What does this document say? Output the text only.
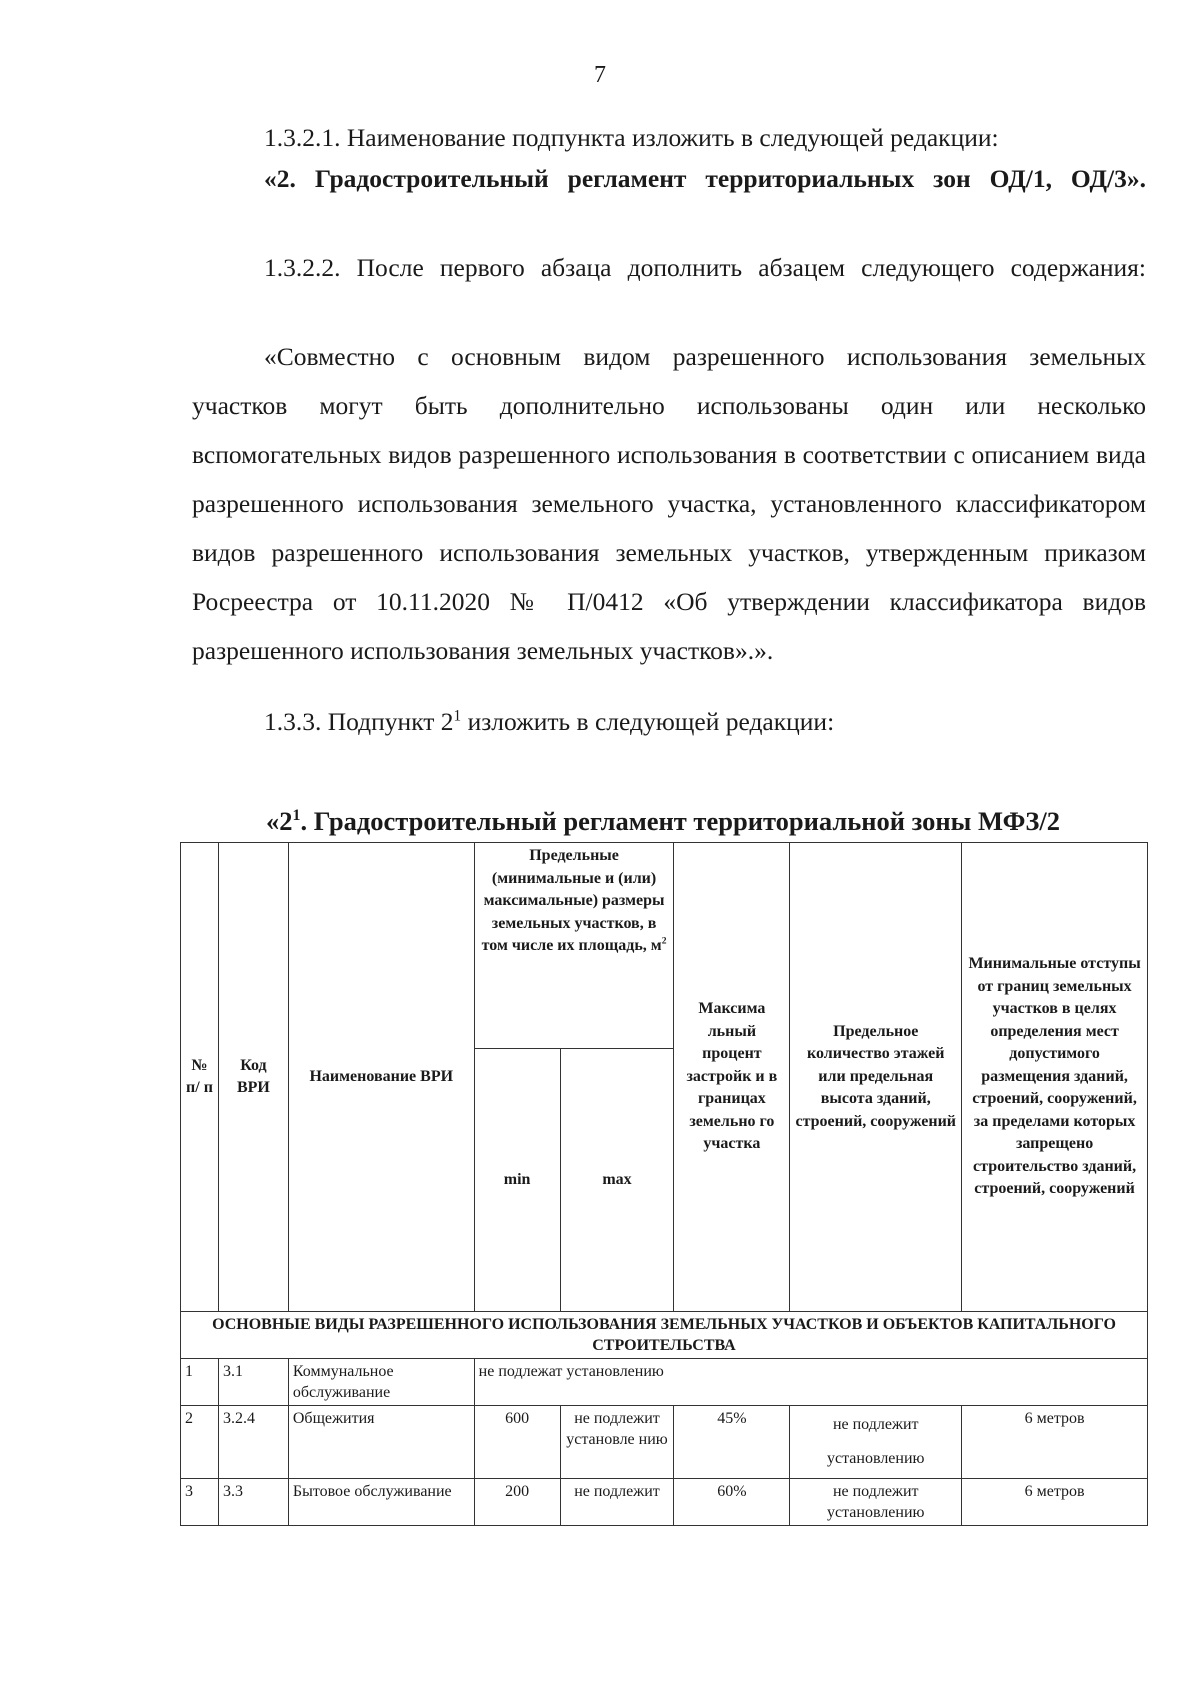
7
1.3.2.1. Наименование подпункта изложить в следующей редакции:
«2. Градостроительный регламент территориальных зон ОД/1, ОД/3».
1.3.2.2. После первого абзаца дополнить абзацем следующего содержания:
«Совместно с основным видом разрешенного использования земельных участков могут быть дополнительно использованы один или несколько вспомогательных видов разрешенного использования в соответствии с описанием вида разрешенного использования земельного участка, установленного классификатором видов разрешенного использования земельных участков, утвержденным приказом Росреестра от 10.11.2020 № П/0412 «Об утверждении классификатора видов разрешенного использования земельных участков».».
1.3.3. Подпункт $2^1$ изложить в следующей редакции:
«$2^1$. Градостроительный регламент территориальной зоны МФЗ/2
№ п/ п	Код ВРИ	Наименование ВРИ	Предельные (минимальные и (или) максимальные) размеры земельных участков, в том числе их площадь, $м^2$		Максима льный процент застройк и в границах земельно го участка	Предельное количество этажей или предельная высота зданий, строений, сооружений	Минимальные отступы от границ земельных участков в целях определения мест допустимого размещения зданий, строений, сооружений, за пределами которых запрещено строительство зданий, строений, сооружений
			min	max			
ОСНОВНЫЕ ВИДЫ РАЗРЕШЕННОГО ИСПОЛЬЗОВАНИЯ ЗЕМЕЛЬНЫХ УЧАСТКОВ И ОБЪЕКТОВ КАПИТАЛЬНОГО СТРОИТЕЛЬСТВА							
1	3.1	Коммунальное обслуживание	не подлежат установлению				
2	3.2.4	Общежития	600	не подлежит установле нию	45%	не подлежит установлению	6 метров
3	3.3	Бытовое обслуживание	200	не подлежит	60%	не подлежит установлению	6 метров
